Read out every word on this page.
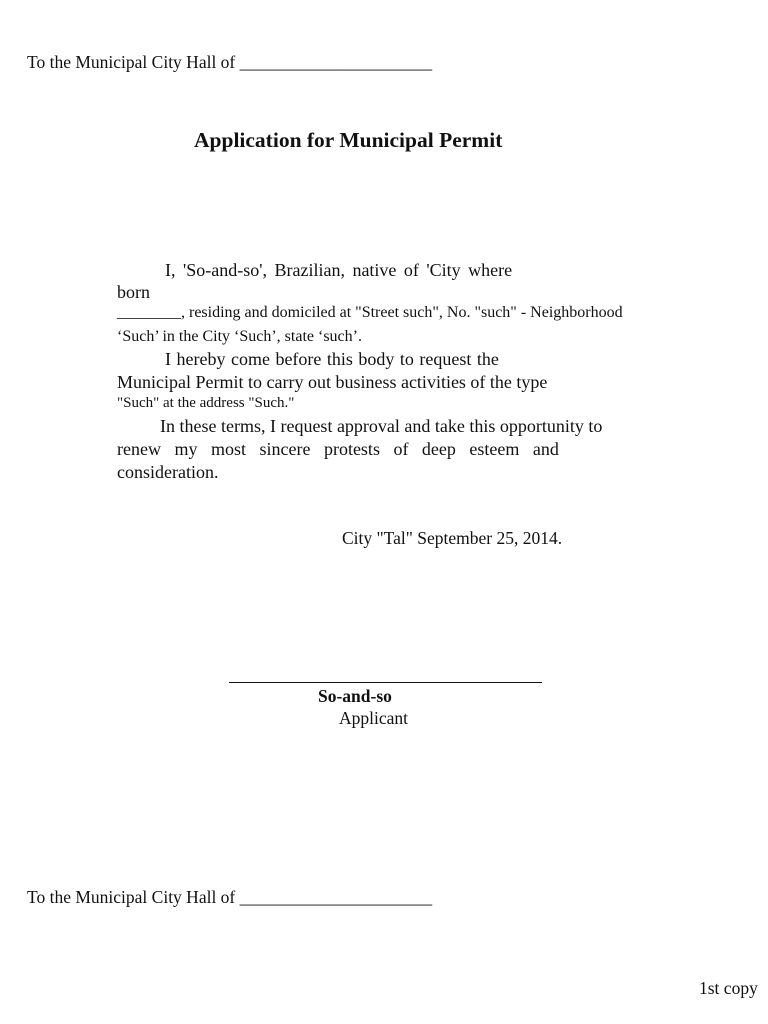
To the Municipal City Hall of ______________________
Application for Municipal Permit
I, 'So-and-so', Brazilian, native of 'City where
born
________, residing and domiciled at "Street such", No. "such" - Neighborhood
‘Such’ in the City ‘Such’, state ‘such’.
I hereby come before this body to request the
Municipal Permit to carry out business activities of the type
"Such" at the address "Such."
In these terms, I request approval and take this opportunity to
renew my most sincere protests of deep esteem and
consideration.
City "Tal" September 25, 2014.
So-and-so
Applicant
To the Municipal City Hall of ______________________
1st copy
